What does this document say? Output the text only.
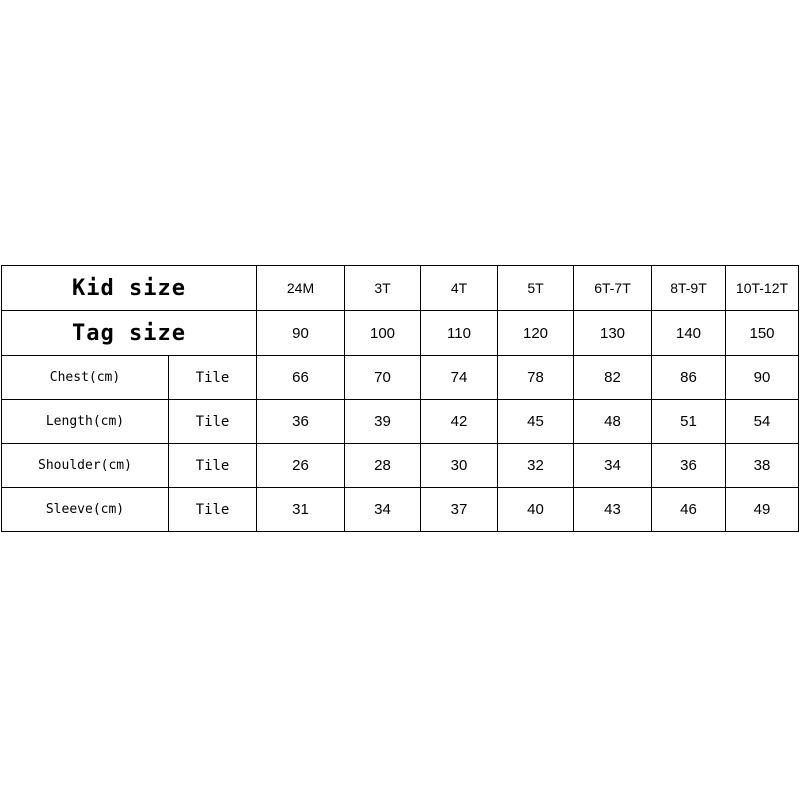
Kid size		24M	3T	4T	5T	6T-7T	8T-9T	10T-12T
Tag size		90	100	110	120	130	140	150
Chest(cm)	Tile	66	70	74	78	82	86	90
Length(cm)	Tile	36	39	42	45	48	51	54
Shoulder(cm)	Tile	26	28	30	32	34	36	38
Sleeve(cm)	Tile	31	34	37	40	43	46	49
